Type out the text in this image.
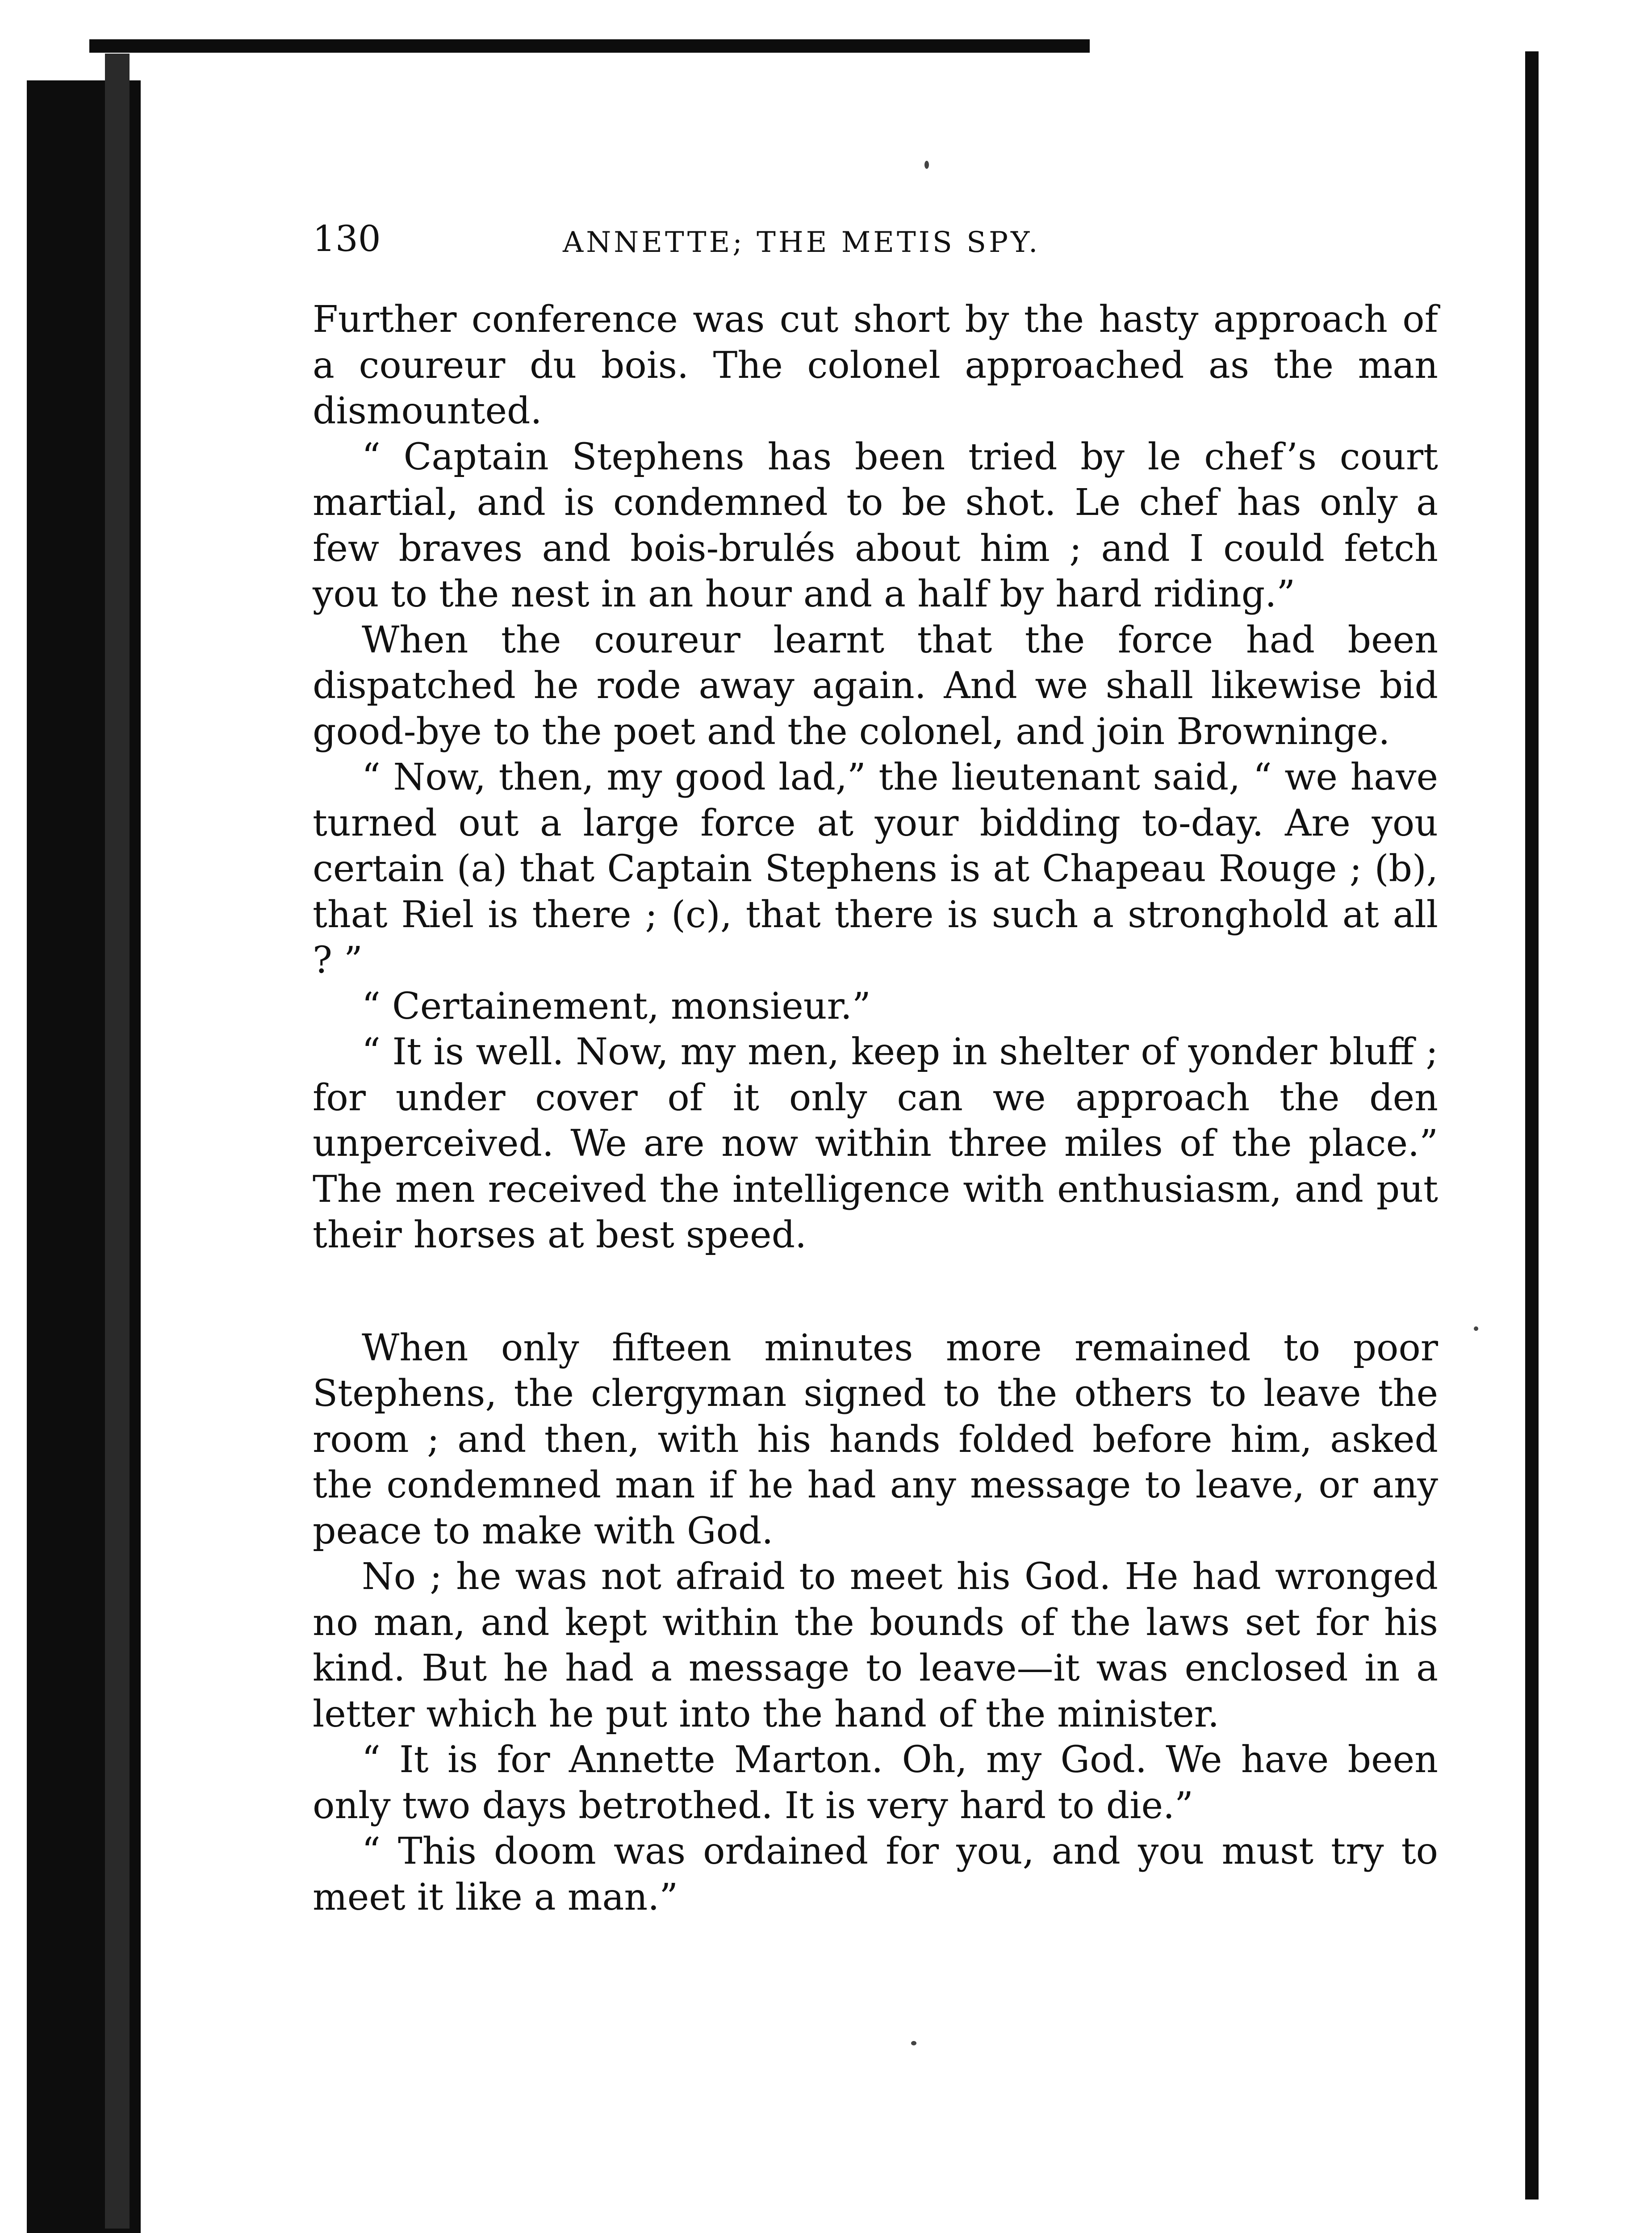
130	ANNETTE; THE METIS SPY.

Further conference was cut short by the hasty approach of a coureur du bois. The colonel approached as the man dismounted.

“ Captain Stephens has been tried by le chef’s court martial, and is condemned to be shot. Le chef has only a few braves and bois-brulés about him ; and I could fetch you to the nest in an hour and a half by hard riding.”

When the coureur learnt that the force had been dispatched he rode away again. And we shall likewise bid good-bye to the poet and the colonel, and join Browninge.

“ Now, then, my good lad,” the lieutenant said, “ we have turned out a large force at your bidding to-day. Are you certain (a) that Captain Stephens is at Chapeau Rouge ; (b), that Riel is there ; (c), that there is such a stronghold at all ? ”

“ Certainement, monsieur.”

“ It is well. Now, my men, keep in shelter of yonder bluff ; for under cover of it only can we approach the den unperceived. We are now within three miles of the place.” The men received the intelligence with enthusiasm, and put their horses at best speed.

When only fifteen minutes more remained to poor Stephens, the clergyman signed to the others to leave the room ; and then, with his hands folded before him, asked the condemned man if he had any message to leave, or any peace to make with God.

No ; he was not afraid to meet his God. He had wronged no man, and kept within the bounds of the laws set for his kind. But he had a message to leave—it was enclosed in a letter which he put into the hand of the minister.

“ It is for Annette Marton. Oh, my God. We have been only two days betrothed. It is very hard to die.”

“ This doom was ordained for you, and you must try to meet it like a man.”
